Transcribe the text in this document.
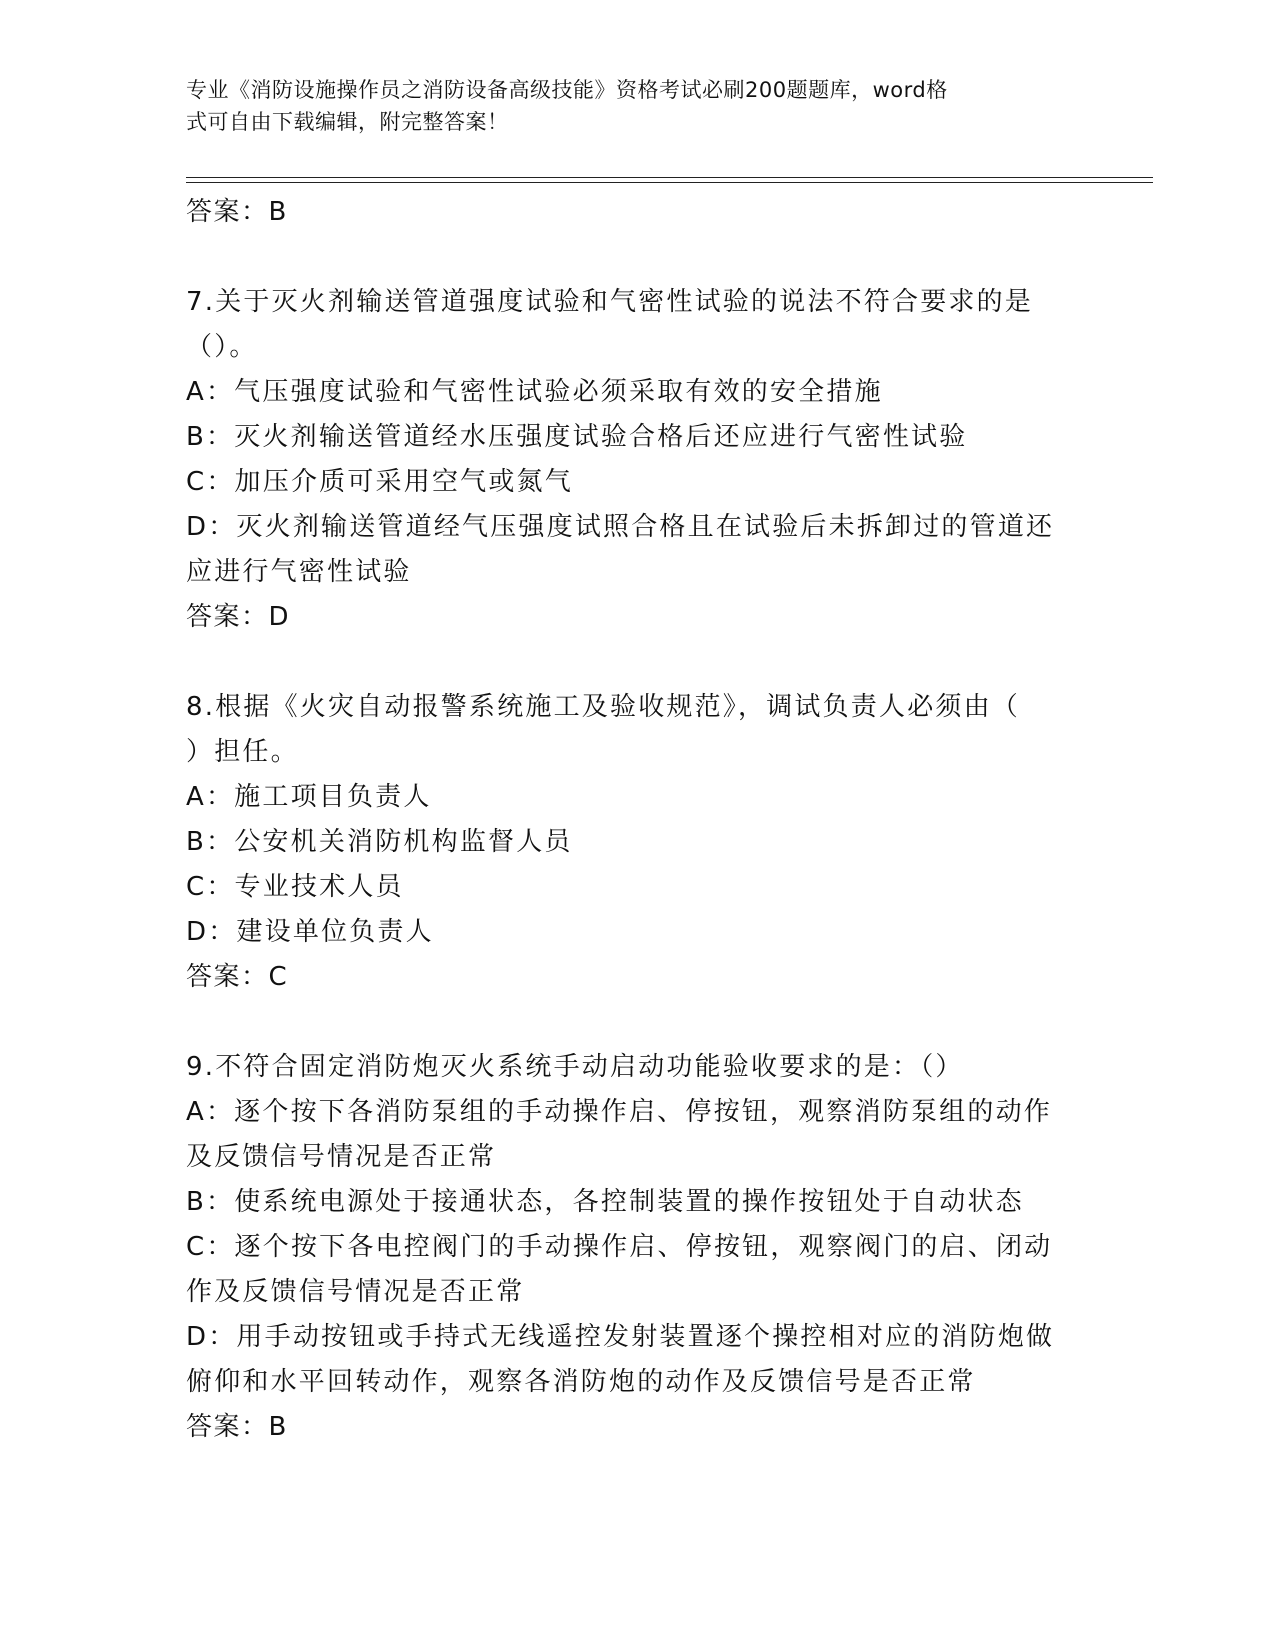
专业《消防设施操作员之消防设备高级技能》资格考试必刷200题题库，word格

式可自由下载编辑，附完整答案！

答案：B

7.关于灭火剂输送管道强度试验和气密性试验的说法不符合要求的是

（）。

A：气压强度试验和气密性试验必须采取有效的安全措施

B：灭火剂输送管道经水压强度试验合格后还应进行气密性试验

C：加压介质可采用空气或氮气

D：灭火剂输送管道经气压强度试照合格且在试验后未拆卸过的管道还

应进行气密性试验

答案：D

8.根据《火灾自动报警系统施工及验收规范》，调试负责人必须由（

）担任。

A：施工项目负责人

B：公安机关消防机构监督人员

C：专业技术人员

D：建设单位负责人

答案：C

9.不符合固定消防炮灭火系统手动启动功能验收要求的是：（）

A：逐个按下各消防泵组的手动操作启、停按钮，观察消防泵组的动作

及反馈信号情况是否正常

B：使系统电源处于接通状态，各控制装置的操作按钮处于自动状态

C：逐个按下各电控阀门的手动操作启、停按钮，观察阀门的启、闭动

作及反馈信号情况是否正常

D：用手动按钮或手持式无线遥控发射装置逐个操控相对应的消防炮做

俯仰和水平回转动作，观察各消防炮的动作及反馈信号是否正常

答案：B
